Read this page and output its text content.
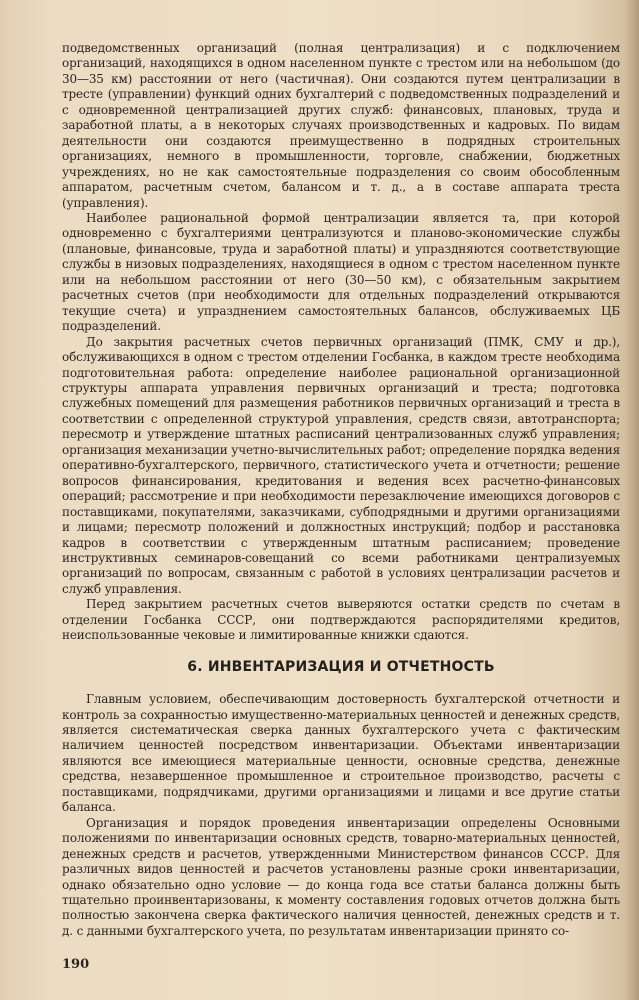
подведомственных организаций (полная централизация) и с подключением организаций, находящихся в одном населенном пункте с трестом или на небольшом (до 30—35 км) расстоянии от него (частичная). Они создаются путем централизации в тресте (управлении) функций одних бухгалтерий с подведомственных подразделений и с одновременной централизацией других служб: финансовых, плановых, труда и заработной платы, а в некоторых случаях производственных и кадровых. По видам деятельности они создаются преимущественно в подрядных строительных организациях, немного в промышленности, торговле, снабжении, бюджетных учреждениях, но не как самостоятельные подразделения со своим обособленным аппаратом, расчетным счетом, балансом и т. д., а в составе аппарата треста (управления).

Наиболее рациональной формой централизации является та, при которой одновременно с бухгалтериями централизуются и планово-экономические службы (плановые, финансовые, труда и заработной платы) и упраздняются соответствующие службы в низовых подразделениях, находящиеся в одном с трестом населенном пункте или на небольшом расстоянии от него (30—50 км), с обязательным закрытием расчетных счетов (при необходимости для отдельных подразделений открываются текущие счета) и упразднением самостоятельных балансов, обслуживаемых ЦБ подразделений.

До закрытия расчетных счетов первичных организаций (ПМК, СМУ и др.), обслуживающихся в одном с трестом отделении Госбанка, в каждом тресте необходима подготовительная работа: определение наиболее рациональной организационной структуры аппарата управления первичных организаций и треста; подготовка служебных помещений для размещения работников первичных организаций и треста в соответствии с определенной структурой управления, средств связи, автотранспорта; пересмотр и утверждение штатных расписаний централизованных служб управления; организация механизации учетно-вычислительных работ; определение порядка ведения оперативно-бухгалтерского, первичного, статистического учета и отчетности; решение вопросов финансирования, кредитования и ведения всех расчетно-финансовых операций; рассмотрение и при необходимости перезаключение имеющихся договоров с поставщиками, покупателями, заказчиками, субподрядными и другими организациями и лицами; пересмотр положений и должностных инструкций; подбор и расстановка кадров в соответствии с утвержденным штатным расписанием; проведение инструктивных семинаров-совещаний со всеми работниками централизуемых организаций по вопросам, связанным с работой в условиях централизации расчетов и служб управления.

Перед закрытием расчетных счетов выверяются остатки средств по счетам в отделении Госбанка СССР, они подтверждаются распорядителями кредитов, неиспользованные чековые и лимитированные книжки сдаются.

6. ИНВЕНТАРИЗАЦИЯ И ОТЧЕТНОСТЬ

Главным условием, обеспечивающим достоверность бухгалтерской отчетности и контроль за сохранностью имущественно-материальных ценностей и денежных средств, является систематическая сверка данных бухгалтерского учета с фактическим наличием ценностей посредством инвентаризации. Объектами инвентаризации являются все имеющиеся материальные ценности, основные средства, денежные средства, незавершенное промышленное и строительное производство, расчеты с поставщиками, подрядчиками, другими организациями и лицами и все другие статьи баланса.

Организация и порядок проведения инвентаризации определены Основными положениями по инвентаризации основных средств, товарно-материальных ценностей, денежных средств и расчетов, утвержденными Министерством финансов СССР. Для различных видов ценностей и расчетов установлены разные сроки инвентаризации, однако обязательно одно условие — до конца года все статьи баланса должны быть тщательно проинвентаризованы, к моменту составления годовых отчетов должна быть полностью закончена сверка фактического наличия ценностей, денежных средств и т. д. с данными бухгалтерского учета, по результатам инвентаризации принято со-

190
